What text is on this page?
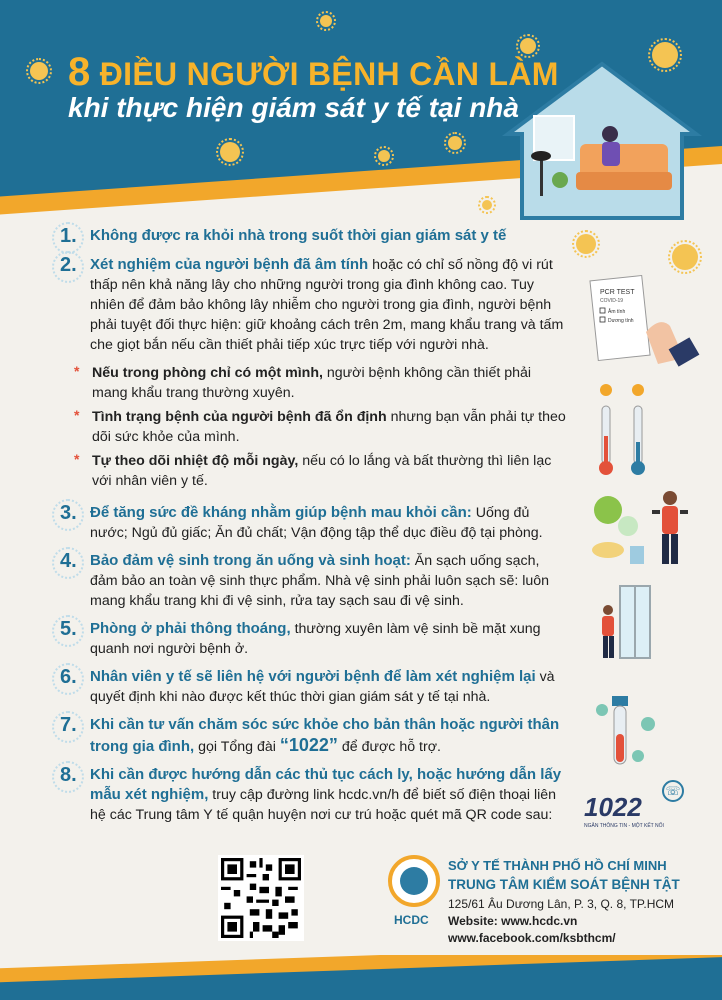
8 ĐIỀU NGƯỜI BỆNH CẦN LÀM
khi thực hiện giám sát y tế tại nhà
1. Không được ra khỏi nhà trong suốt thời gian giám sát y tế
2. Xét nghiệm của người bệnh đã âm tính hoặc có chỉ số nồng độ vi rút thấp nên khả năng lây cho những người trong gia đình không cao. Tuy nhiên để đảm bảo không lây nhiễm cho người trong gia đình, người bệnh phải tuyệt đối thực hiện: giữ khoảng cách trên 2m, mang khẩu trang và tấm che giọt bắn nếu cần thiết phải tiếp xúc trực tiếp với người nhà.
* Nếu trong phòng chỉ có một mình, người bệnh không cần thiết phải mang khẩu trang thường xuyên.
* Tình trạng bệnh của người bệnh đã ổn định nhưng bạn vẫn phải tự theo dõi sức khỏe của mình.
* Tự theo dõi nhiệt độ mỗi ngày, nếu có lo lắng và bất thường thì liên lạc với nhân viên y tế.
3. Để tăng sức đề kháng nhằm giúp bệnh mau khỏi cần: Uống đủ nước; Ngủ đủ giấc; Ăn đủ chất; Vận động tập thể dục điều độ tại phòng.
4. Bảo đảm vệ sinh trong ăn uống và sinh hoạt: Ăn sạch uống sạch, đảm bảo an toàn vệ sinh thực phẩm. Nhà vệ sinh phải luôn sạch sẽ: luôn mang khẩu trang khi đi vệ sinh, rửa tay sạch sau đi vệ sinh.
5. Phòng ở phải thông thoáng, thường xuyên làm vệ sinh bề mặt xung quanh nơi người bệnh ở.
6. Nhân viên y tế sẽ liên hệ với người bệnh để làm xét nghiệm lại và quyết định khi nào được kết thúc thời gian giám sát y tế tại nhà.
7. Khi cần tư vấn chăm sóc sức khỏe cho bản thân hoặc người thân trong gia đình, gọi Tổng đài “1022” để được hỗ trợ.
8. Khi cần được hướng dẫn các thủ tục cách ly, hoặc hướng dẫn lấy mẫu xét nghiệm, truy cập đường link hcdc.vn/h để biết số điện thoại liên hệ các Trung tâm Y tế quận huyện nơi cư trú hoặc quét mã QR code sau:
PCR TEST
COVID-19
Âm tính
Dương tính
☏
1022
NGĂN THÔNG TIN - MỘT KẾT NỐI
HCDC
SỞ Y TẾ THÀNH PHỐ HỒ CHÍ MINH
TRUNG TÂM KIỂM SOÁT BỆNH TẬT
125/61 Âu Dương Lân, P. 3, Q. 8, TP.HCM
Website: www.hcdc.vn
www.facebook.com/ksbthcm/
